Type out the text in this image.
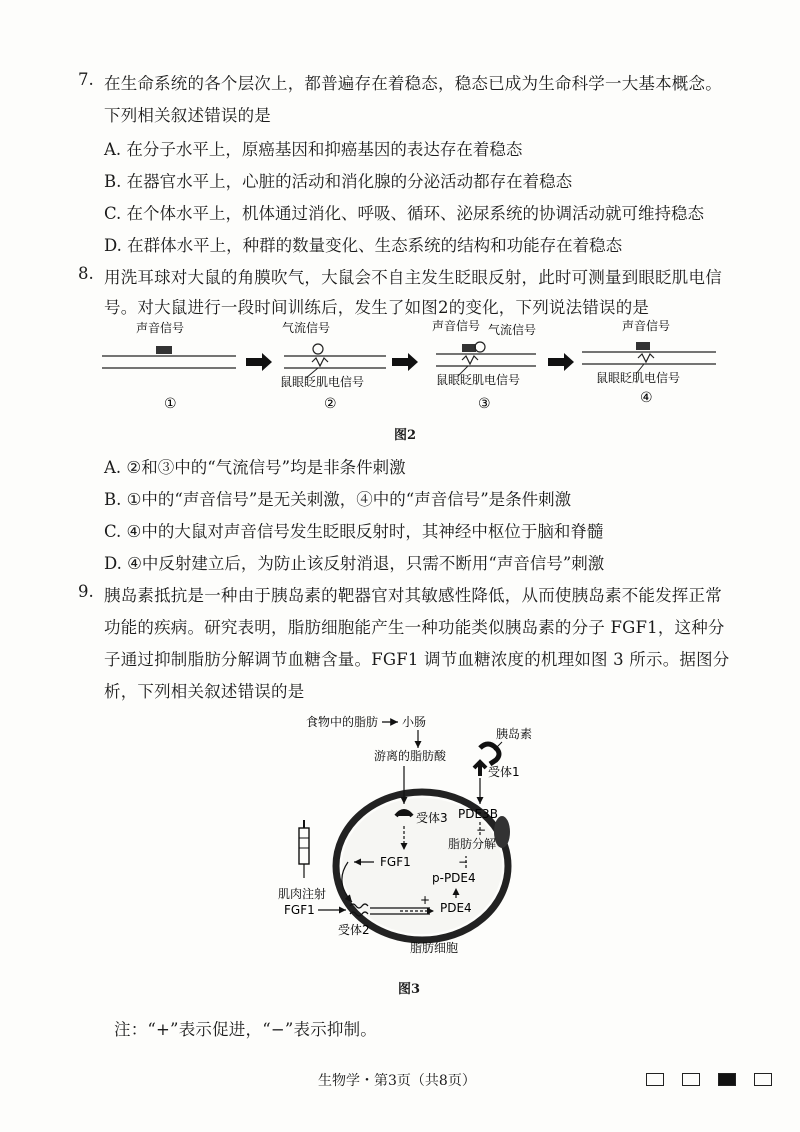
7. 在生命系统的各个层次上，都普遍存在着稳态，稳态已成为生命科学一大基本概念。
下列相关叙述错误的是
A. 在分子水平上，原癌基因和抑癌基因的表达存在着稳态
B. 在器官水平上，心脏的活动和消化腺的分泌活动都存在着稳态
C. 在个体水平上，机体通过消化、呼吸、循环、泌尿系统的协调活动就可维持稳态
D. 在群体水平上，种群的数量变化、生态系统的结构和功能存在着稳态
8. 用洗耳球对大鼠的角膜吹气，大鼠会不自主发生眨眼反射，此时可测量到眼眨肌电信
号。对大鼠进行一段时间训练后，发生了如图2的变化，下列说法错误的是
声音信号
①
气流信号
鼠眼眨肌电信号
②
声音信号 气流信号
鼠眼眨肌电信号
③
声音信号
鼠眼眨肌电信号
④
图2
A. ②和③中的“气流信号”均是非条件刺激
B. ①中的“声音信号”是无关刺激，④中的“声音信号”是条件刺激
C. ④中的大鼠对声音信号发生眨眼反射时，其神经中枢位于脑和脊髓
D. ④中反射建立后，为防止该反射消退，只需不断用“声音信号”刺激
9. 胰岛素抵抗是一种由于胰岛素的靶器官对其敏感性降低，从而使胰岛素不能发挥正常
功能的疾病。研究表明，脂肪细胞能产生一种功能类似胰岛素的分子 FGF1，这种分
子通过抑制脂肪分解调节血糖含量。FGF1 调节血糖浓度的机理如图 3 所示。据图分
析，下列相关叙述错误的是
食物中的脂肪 小肠
胰岛素
游离的脂肪酸
受体1
受体3 PDE3B
−
FGF1
脂肪分解
−
p-PDE4
PDE4
+
肌肉注射
FGF1
受体2
脂肪细胞
图3
注：“+”表示促进，“−”表示抑制。
生物学・第3页（共8页）
